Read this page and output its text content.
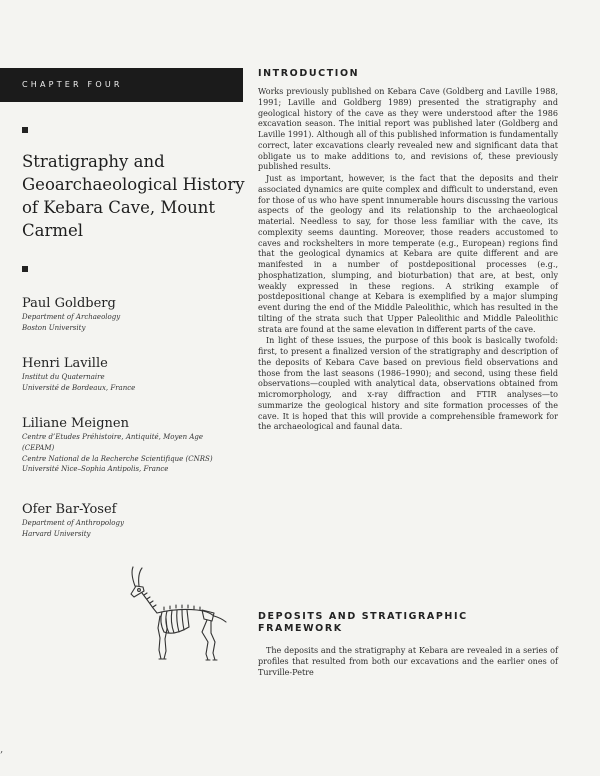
CHAPTER FOUR
Stratigraphy and Geoarchaeological History of Kebara Cave, Mount Carmel
Paul Goldberg
Department of Archaeology
Boston University
Henri Laville
Institut du Quaternaire
Université de Bordeaux, France
Liliane Meignen
Centre d’Etudes Préhistoire, Antiquité, Moyen Age
(CEPAM)
Centre National de la Recherche Scientifique (CNRS)
Université Nice–Sophia Antipolis, France
Ofer Bar-Yosef
Department of Anthropology
Harvard University
INTRODUCTION

Works previously published on Kebara Cave (Goldberg and Laville 1988, 1991; Laville and Goldberg 1989) presented the stratigraphy and geological history of the cave as they were understood after the 1986 excavation season. The initial report was published later (Goldberg and Laville 1991). Although all of this published information is fundamentally correct, later excavations clearly revealed new and significant data that obligate us to make additions to, and revisions of, these previously published results.

Just as important, however, is the fact that the deposits and their associated dynamics are quite complex and difficult to understand, even for those of us who have spent innumerable hours discussing the various aspects of the geology and its relationship to the archaeological material. Needless to say, for those less familiar with the cave, its complexity seems daunting. Moreover, those readers accustomed to caves and rockshelters in more temperate (e.g., European) regions find that the geological dynamics at Kebara are quite different and are manifested in a number of postdepositional processes (e.g., phosphatization, slumping, and bioturbation) that are, at best, only weakly expressed in these regions. A striking example of postdepositional change at Kebara is exemplified by a major slumping event during the end of the Middle Paleolithic, which has resulted in the tilting of the strata such that Upper Paleolithic and Middle Paleolithic strata are found at the same elevation in different parts of the cave.

In light of these issues, the purpose of this book is basically twofold: first, to present a finalized version of the stratigraphy and description of the deposits of Kebara Cave based on previous field observations and those from the last seasons (1986–1990); and second, using these field observations—coupled with analytical data, observations obtained from micromorphology, and x-ray diffraction and FTIR analyses—to summarize the geological history and site formation processes of the cave. It is hoped that this will provide a comprehensible framework for the archaeological and faunal data.

DEPOSITS AND STRATIGRAPHIC FRAMEWORK

The deposits and the stratigraphy at Kebara are revealed in a series of profiles that resulted from both our excavations and the earlier ones of Turville-Petre

‚
